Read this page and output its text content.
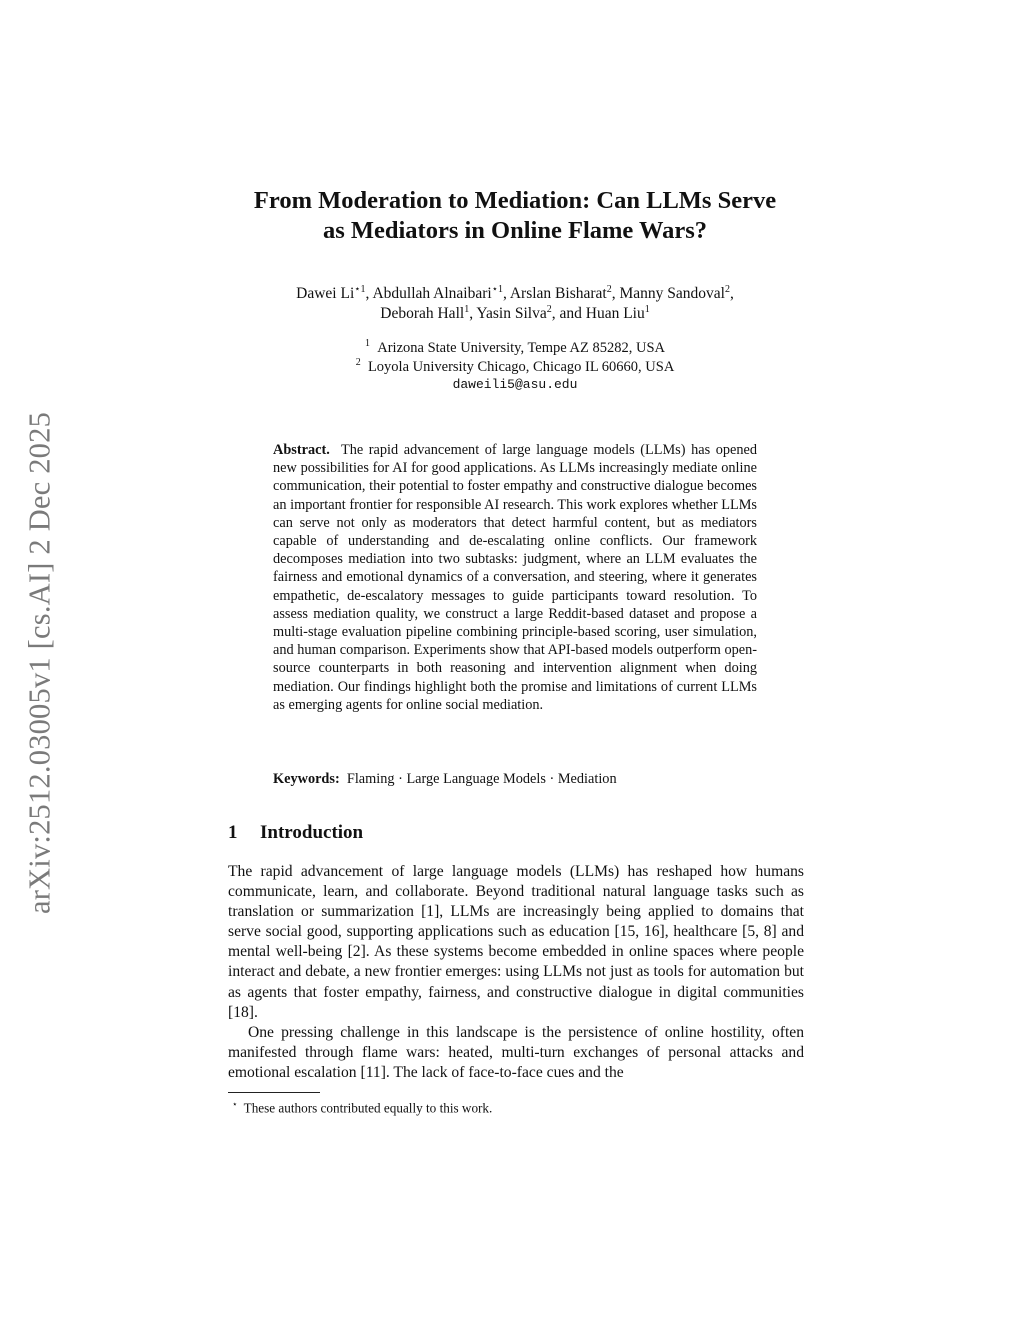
arXiv:2512.03005v1 [cs.AI] 2 Dec 2025
From Moderation to Mediation: Can LLMs Serve
as Mediators in Online Flame Wars?
Dawei $Li^{⋆1}$, Abdullah Alnaibari$^{⋆1}$, Arslan Bisharat$^2$, Manny Sandoval$^2$,
Deborah Hall$^1$, Yasin Silva$^2$, and Huan Liu$^1$
$^1$ Arizona State University, Tempe AZ 85282, USA
$^2$ Loyola University Chicago, Chicago IL 60660, USA
daweili5@asu.edu
Abstract. The rapid advancement of large language models (LLMs) has opened new possibilities for AI for good applications. As LLMs increasingly mediate online communication, their potential to foster empathy and constructive dialogue becomes an important frontier for responsible AI research. This work explores whether LLMs can serve not only as moderators that detect harmful content, but as mediators capable of understanding and de-escalating online conflicts. Our framework decomposes mediation into two subtasks: judgment, where an LLM evaluates the fairness and emotional dynamics of a conversation, and steering, where it generates empathetic, de-escalatory messages to guide participants toward resolution. To assess mediation quality, we construct a large Reddit-based dataset and propose a multi-stage evaluation pipeline combining principle-based scoring, user simulation, and human comparison. Experiments show that API-based models outperform open-source counterparts in both reasoning and intervention alignment when doing mediation. Our findings highlight both the promise and limitations of current LLMs as emerging agents for online social mediation.
Keywords: Flaming · Large Language Models · Mediation
1 Introduction

The rapid advancement of large language models (LLMs) has reshaped how humans communicate, learn, and collaborate. Beyond traditional natural language tasks such as translation or summarization [1], LLMs are increasingly being applied to domains that serve social good, supporting applications such as education [15, 16], healthcare [5, 8] and mental well-being [2]. As these systems become embedded in online spaces where people interact and debate, a new frontier emerges: using LLMs not just as tools for automation but as agents that foster empathy, fairness, and constructive dialogue in digital communities [18].

One pressing challenge in this landscape is the persistence of online hostility, often manifested through flame wars: heated, multi-turn exchanges of personal attacks and emotional escalation [11]. The lack of face-to-face cues and the

⋆ These authors contributed equally to this work.
